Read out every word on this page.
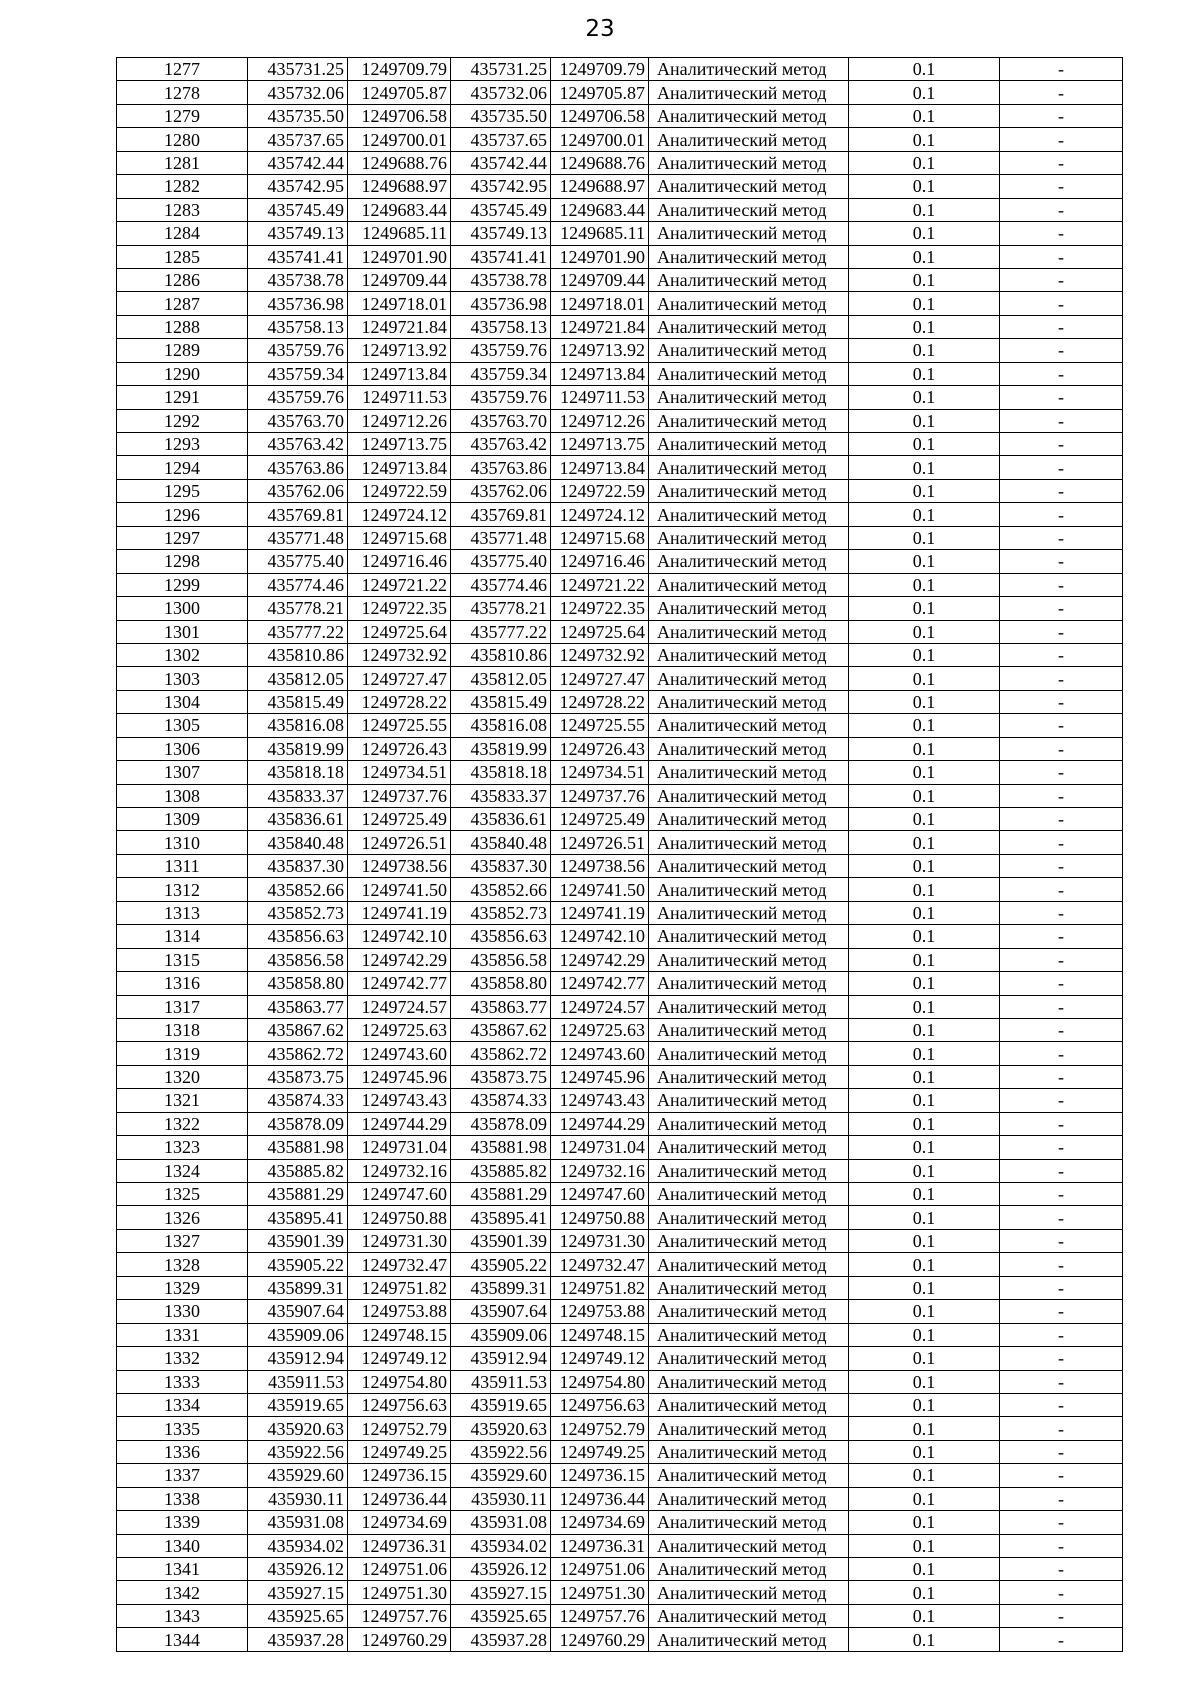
23
1277	435731.25	1249709.79	435731.25	1249709.79	Аналитический метод	0.1	-
1278	435732.06	1249705.87	435732.06	1249705.87	Аналитический метод	0.1	-
1279	435735.50	1249706.58	435735.50	1249706.58	Аналитический метод	0.1	-
1280	435737.65	1249700.01	435737.65	1249700.01	Аналитический метод	0.1	-
1281	435742.44	1249688.76	435742.44	1249688.76	Аналитический метод	0.1	-
1282	435742.95	1249688.97	435742.95	1249688.97	Аналитический метод	0.1	-
1283	435745.49	1249683.44	435745.49	1249683.44	Аналитический метод	0.1	-
1284	435749.13	1249685.11	435749.13	1249685.11	Аналитический метод	0.1	-
1285	435741.41	1249701.90	435741.41	1249701.90	Аналитический метод	0.1	-
1286	435738.78	1249709.44	435738.78	1249709.44	Аналитический метод	0.1	-
1287	435736.98	1249718.01	435736.98	1249718.01	Аналитический метод	0.1	-
1288	435758.13	1249721.84	435758.13	1249721.84	Аналитический метод	0.1	-
1289	435759.76	1249713.92	435759.76	1249713.92	Аналитический метод	0.1	-
1290	435759.34	1249713.84	435759.34	1249713.84	Аналитический метод	0.1	-
1291	435759.76	1249711.53	435759.76	1249711.53	Аналитический метод	0.1	-
1292	435763.70	1249712.26	435763.70	1249712.26	Аналитический метод	0.1	-
1293	435763.42	1249713.75	435763.42	1249713.75	Аналитический метод	0.1	-
1294	435763.86	1249713.84	435763.86	1249713.84	Аналитический метод	0.1	-
1295	435762.06	1249722.59	435762.06	1249722.59	Аналитический метод	0.1	-
1296	435769.81	1249724.12	435769.81	1249724.12	Аналитический метод	0.1	-
1297	435771.48	1249715.68	435771.48	1249715.68	Аналитический метод	0.1	-
1298	435775.40	1249716.46	435775.40	1249716.46	Аналитический метод	0.1	-
1299	435774.46	1249721.22	435774.46	1249721.22	Аналитический метод	0.1	-
1300	435778.21	1249722.35	435778.21	1249722.35	Аналитический метод	0.1	-
1301	435777.22	1249725.64	435777.22	1249725.64	Аналитический метод	0.1	-
1302	435810.86	1249732.92	435810.86	1249732.92	Аналитический метод	0.1	-
1303	435812.05	1249727.47	435812.05	1249727.47	Аналитический метод	0.1	-
1304	435815.49	1249728.22	435815.49	1249728.22	Аналитический метод	0.1	-
1305	435816.08	1249725.55	435816.08	1249725.55	Аналитический метод	0.1	-
1306	435819.99	1249726.43	435819.99	1249726.43	Аналитический метод	0.1	-
1307	435818.18	1249734.51	435818.18	1249734.51	Аналитический метод	0.1	-
1308	435833.37	1249737.76	435833.37	1249737.76	Аналитический метод	0.1	-
1309	435836.61	1249725.49	435836.61	1249725.49	Аналитический метод	0.1	-
1310	435840.48	1249726.51	435840.48	1249726.51	Аналитический метод	0.1	-
1311	435837.30	1249738.56	435837.30	1249738.56	Аналитический метод	0.1	-
1312	435852.66	1249741.50	435852.66	1249741.50	Аналитический метод	0.1	-
1313	435852.73	1249741.19	435852.73	1249741.19	Аналитический метод	0.1	-
1314	435856.63	1249742.10	435856.63	1249742.10	Аналитический метод	0.1	-
1315	435856.58	1249742.29	435856.58	1249742.29	Аналитический метод	0.1	-
1316	435858.80	1249742.77	435858.80	1249742.77	Аналитический метод	0.1	-
1317	435863.77	1249724.57	435863.77	1249724.57	Аналитический метод	0.1	-
1318	435867.62	1249725.63	435867.62	1249725.63	Аналитический метод	0.1	-
1319	435862.72	1249743.60	435862.72	1249743.60	Аналитический метод	0.1	-
1320	435873.75	1249745.96	435873.75	1249745.96	Аналитический метод	0.1	-
1321	435874.33	1249743.43	435874.33	1249743.43	Аналитический метод	0.1	-
1322	435878.09	1249744.29	435878.09	1249744.29	Аналитический метод	0.1	-
1323	435881.98	1249731.04	435881.98	1249731.04	Аналитический метод	0.1	-
1324	435885.82	1249732.16	435885.82	1249732.16	Аналитический метод	0.1	-
1325	435881.29	1249747.60	435881.29	1249747.60	Аналитический метод	0.1	-
1326	435895.41	1249750.88	435895.41	1249750.88	Аналитический метод	0.1	-
1327	435901.39	1249731.30	435901.39	1249731.30	Аналитический метод	0.1	-
1328	435905.22	1249732.47	435905.22	1249732.47	Аналитический метод	0.1	-
1329	435899.31	1249751.82	435899.31	1249751.82	Аналитический метод	0.1	-
1330	435907.64	1249753.88	435907.64	1249753.88	Аналитический метод	0.1	-
1331	435909.06	1249748.15	435909.06	1249748.15	Аналитический метод	0.1	-
1332	435912.94	1249749.12	435912.94	1249749.12	Аналитический метод	0.1	-
1333	435911.53	1249754.80	435911.53	1249754.80	Аналитический метод	0.1	-
1334	435919.65	1249756.63	435919.65	1249756.63	Аналитический метод	0.1	-
1335	435920.63	1249752.79	435920.63	1249752.79	Аналитический метод	0.1	-
1336	435922.56	1249749.25	435922.56	1249749.25	Аналитический метод	0.1	-
1337	435929.60	1249736.15	435929.60	1249736.15	Аналитический метод	0.1	-
1338	435930.11	1249736.44	435930.11	1249736.44	Аналитический метод	0.1	-
1339	435931.08	1249734.69	435931.08	1249734.69	Аналитический метод	0.1	-
1340	435934.02	1249736.31	435934.02	1249736.31	Аналитический метод	0.1	-
1341	435926.12	1249751.06	435926.12	1249751.06	Аналитический метод	0.1	-
1342	435927.15	1249751.30	435927.15	1249751.30	Аналитический метод	0.1	-
1343	435925.65	1249757.76	435925.65	1249757.76	Аналитический метод	0.1	-
1344	435937.28	1249760.29	435937.28	1249760.29	Аналитический метод	0.1	-
